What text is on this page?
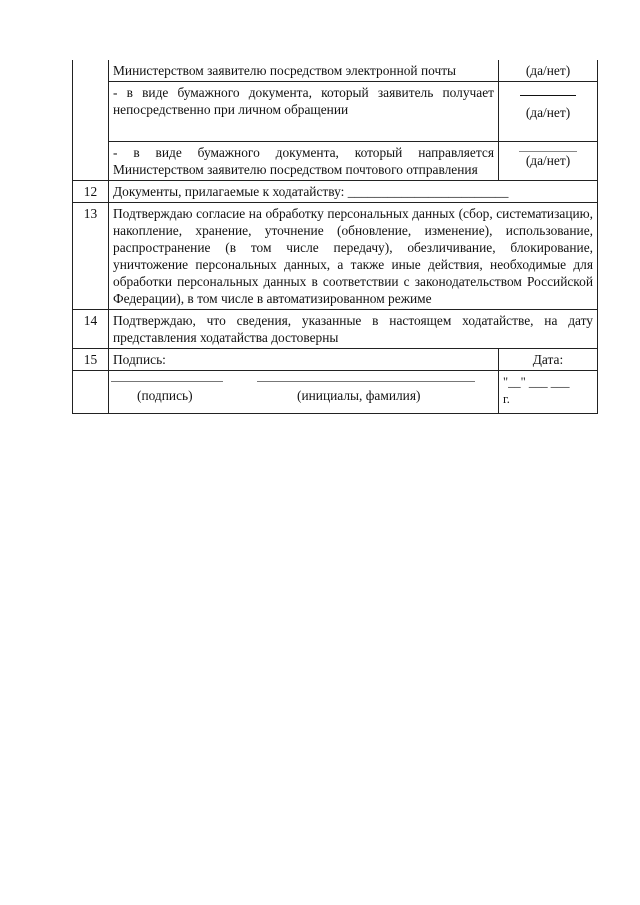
	Министерством заявителю посредством электронной почты	(да/нет)
	- в виде бумажного документа, который заявитель получает непосредственно при личном обращении	(да/нет)

	- в виде бумажного документа, который направляется Министерством заявителю посредством почтового отправления	(да/нет)

12	Документы, прилагаемые к ходатайству: ________________________	
13	Подтверждаю согласие на обработку персональных данных (сбор, систематизацию, накопление, хранение, уточнение (обновление, изменение), использование, распространение (в том числе передачу), обезличивание, блокирование, уничтожение персональных данных, а также иные действия, необходимые для обработки персональных данных в соответствии с законодательством Российской Федерации), в том числе в автоматизированном режиме	
14	Подтверждаю, что сведения, указанные в настоящем ходатайстве, на дату представления ходатайства достоверны	
15	Подпись:	Дата:

	(подпись) (инициалы, фамилия)	"__" ___ ___
г.
